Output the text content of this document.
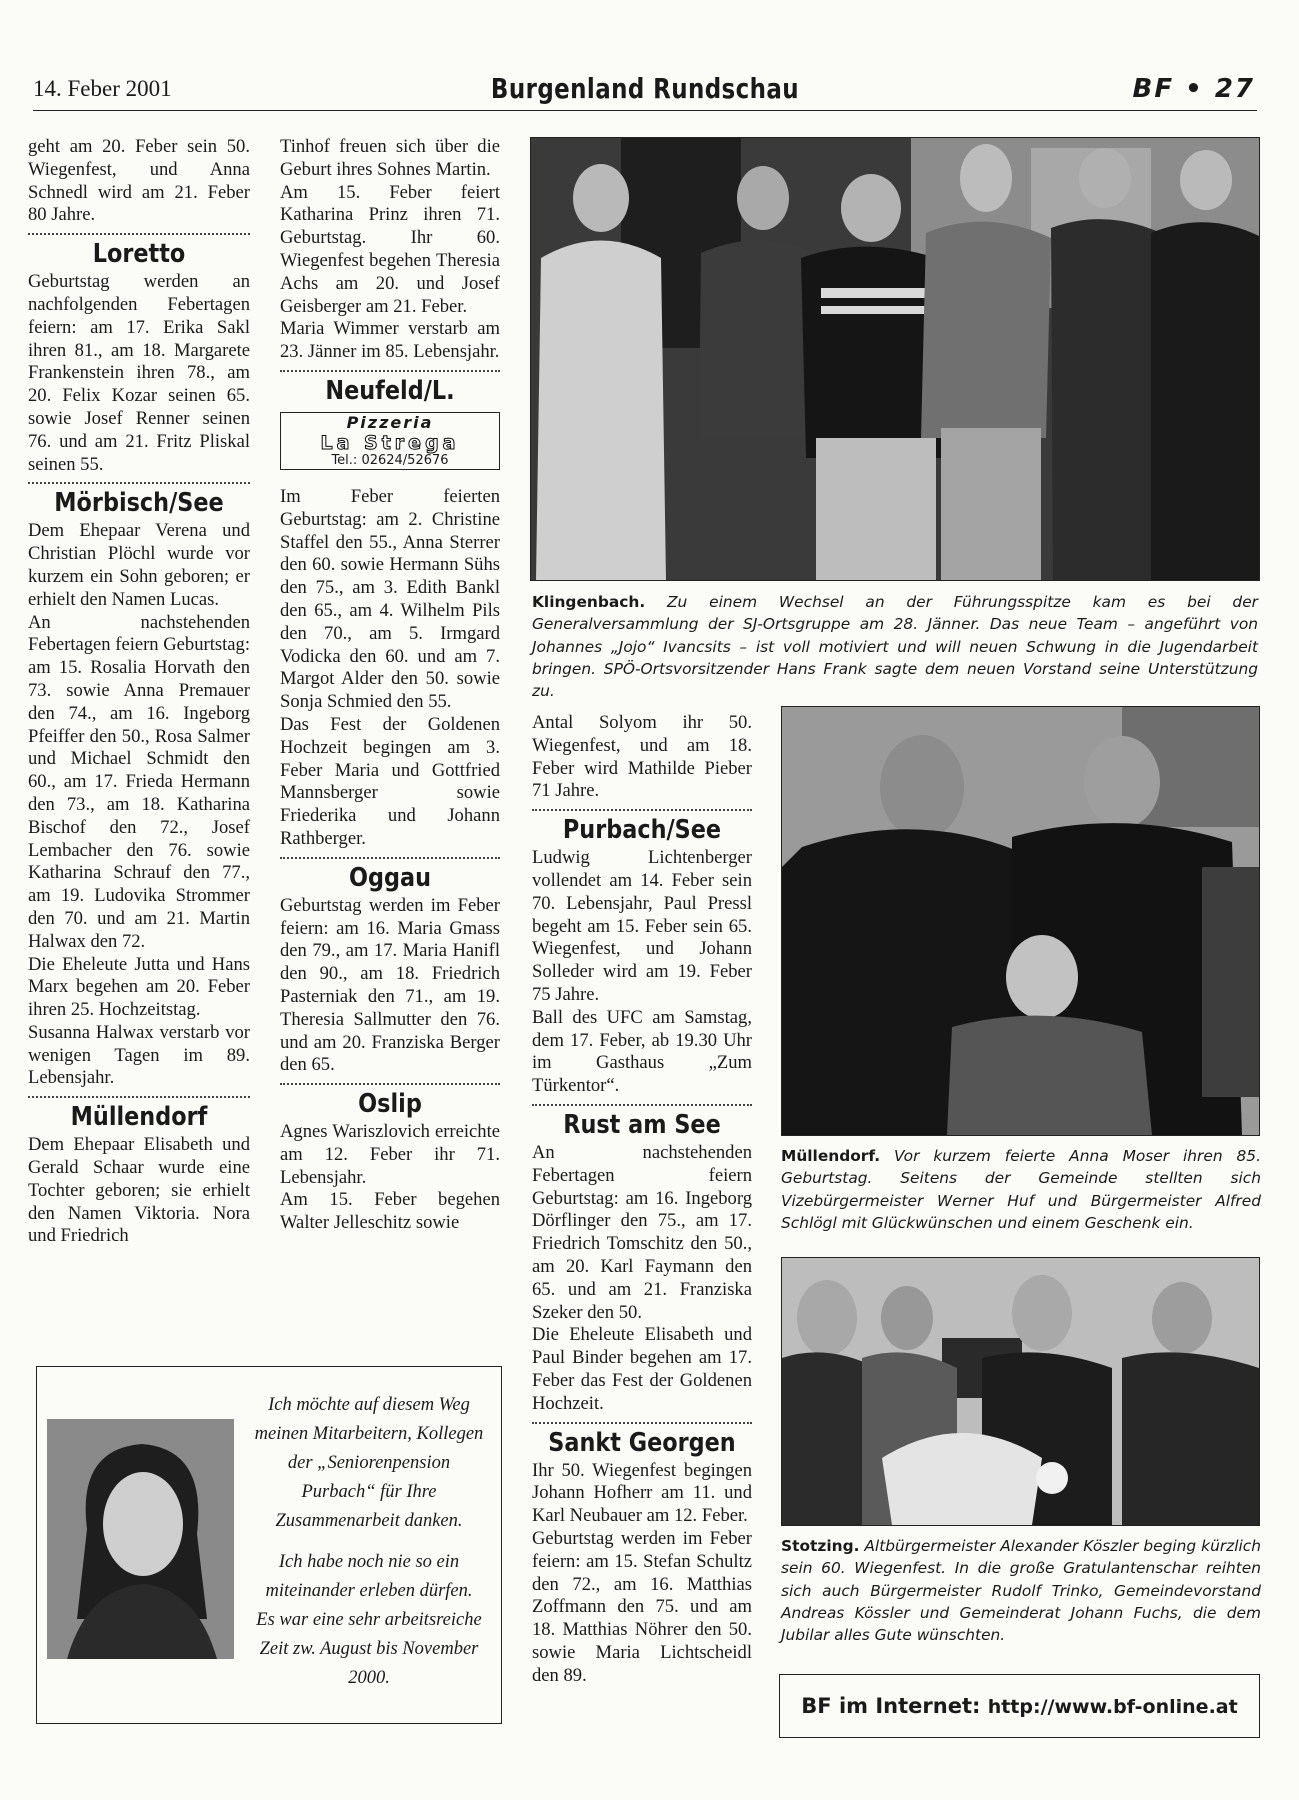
14. Feber 2001	Burgenland Rundschau	BF • 27

geht am 20. Feber sein 50. Wiegenfest, und Anna Schnedl wird am 21. Feber 80 Jahre.

Loretto

Geburtstag werden an nachfolgenden Febertagen feiern: am 17. Erika Sakl ihren 81., am 18. Margarete Frankenstein ihren 78., am 20. Felix Kozar seinen 65. sowie Josef Renner seinen 76. und am 21. Fritz Pliskal seinen 55.

Mörbisch/See

Dem Ehepaar Verena und Christian Plöchl wurde vor kurzem ein Sohn geboren; er erhielt den Namen Lucas.

An nachstehenden Febertagen feiern Geburtstag: am 15. Rosalia Horvath den 73. sowie Anna Premauer den 74., am 16. Ingeborg Pfeiffer den 50., Rosa Salmer und Michael Schmidt den 60., am 17. Frieda Hermann den 73., am 18. Katharina Bischof den 72., Josef Lembacher den 76. sowie Katharina Schrauf den 77., am 19. Ludovika Strommer den 70. und am 21. Martin Halwax den 72.

Die Eheleute Jutta und Hans Marx begehen am 20. Feber ihren 25. Hochzeitstag.

Susanna Halwax verstarb vor wenigen Tagen im 89. Lebensjahr.

Müllendorf

Dem Ehepaar Elisabeth und Gerald Schaar wurde eine Tochter geboren; sie erhielt den Namen Viktoria. Nora und Friedrich

Tinhof freuen sich über die Geburt ihres Sohnes Martin.

Am 15. Feber feiert Katharina Prinz ihren 71. Geburtstag. Ihr 60. Wiegenfest begehen Theresia Achs am 20. und Josef Geisberger am 21. Feber.

Maria Wimmer verstarb am 23. Jänner im 85. Lebensjahr.

Neufeld/L.
Pizzeria
La Strega
Tel.: 02624/52676

Im Feber feierten Geburtstag: am 2. Christine Staffel den 55., Anna Sterrer den 60. sowie Hermann Sühs den 75., am 3. Edith Bankl den 65., am 4. Wilhelm Pils den 70., am 5. Irmgard Vodicka den 60. und am 7. Margot Alder den 50. sowie Sonja Schmied den 55.

Das Fest der Goldenen Hochzeit begingen am 3. Feber Maria und Gottfried Mannsberger sowie Friederika und Johann Rathberger.

Oggau

Geburtstag werden im Feber feiern: am 16. Maria Gmass den 79., am 17. Maria Hanifl den 90., am 18. Friedrich Pasterniak den 71., am 19. Theresia Sallmutter den 76. und am 20. Franziska Berger den 65.

Oslip

Agnes Wariszlovich erreichte am 12. Feber ihr 71. Lebensjahr.

Am 15. Feber begehen Walter Jelleschitz sowie

Klingenbach. Zu einem Wechsel an der Führungsspitze kam es bei der Generalversammlung der SJ-Ortsgruppe am 28. Jänner. Das neue Team – angeführt von Johannes „Jojo“ Ivancsits – ist voll motiviert und will neuen Schwung in die Jugendarbeit bringen. SPÖ-Ortsvorsitzender Hans Frank sagte dem neuen Vorstand seine Unterstützung zu.

Antal Solyom ihr 50. Wiegenfest, und am 18. Feber wird Mathilde Pieber 71 Jahre.

Purbach/See

Ludwig Lichtenberger vollendet am 14. Feber sein 70. Lebensjahr, Paul Pressl begeht am 15. Feber sein 65. Wiegenfest, und Johann Solleder wird am 19. Feber 75 Jahre.

Ball des UFC am Samstag, dem 17. Feber, ab 19.30 Uhr im Gasthaus „Zum Türkentor“.

Rust am See

An nachstehenden Febertagen feiern Geburtstag: am 16. Ingeborg Dörflinger den 75., am 17. Friedrich Tomschitz den 50., am 20. Karl Faymann den 65. und am 21. Franziska Szeker den 50.

Die Eheleute Elisabeth und Paul Binder begehen am 17. Feber das Fest der Goldenen Hochzeit.

Sankt Georgen

Ihr 50. Wiegenfest begingen Johann Hofherr am 11. und Karl Neubauer am 12. Feber.

Geburtstag werden im Feber feiern: am 15. Stefan Schultz den 72., am 16. Matthias Zoffmann den 75. und am 18. Matthias Nöhrer den 50. sowie Maria Lichtscheidl den 89.

Müllendorf. Vor kurzem feierte Anna Moser ihren 85. Geburtstag. Seitens der Gemeinde stellten sich Vizebürgermeister Werner Huf und Bürgermeister Alfred Schlögl mit Glückwünschen und einem Geschenk ein.
Stotzing. Altbürgermeister Alexander Köszler beging kürzlich sein 60. Wiegenfest. In die große Gratulantenschar reihten sich auch Bürgermeister Rudolf Trinko, Gemeindevorstand Andreas Kössler und Gemeinderat Johann Fuchs, die dem Jubilar alles Gute wünschten.
Ich möchte auf diesem Weg meinen Mitarbeitern, Kollegen der „Seniorenpension Purbach“ für Ihre Zusammenarbeit danken.
Ich habe noch nie so ein miteinander erleben dürfen. Es war eine sehr arbeitsreiche Zeit zw. August bis November 2000.
BF im Internet: http://www.bf-online.at
